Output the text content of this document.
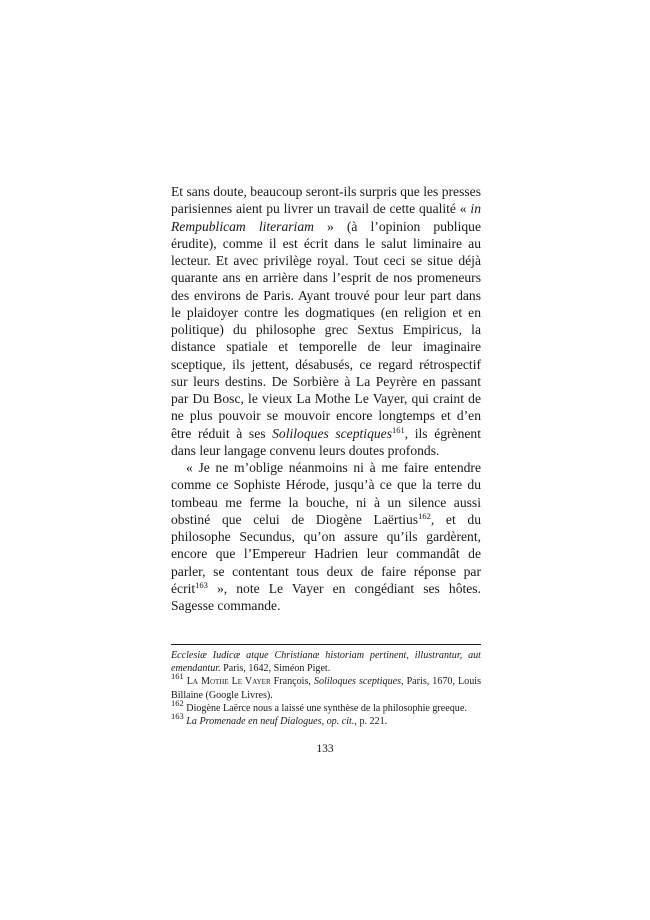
Et sans doute, beaucoup seront-ils surpris que les presses parisiennes aient pu livrer un travail de cette qualité « in Rempublicam literariam » (à l’opinion publique érudite), comme il est écrit dans le salut liminaire au lecteur. Et avec privilège royal. Tout ceci se situe déjà quarante ans en arrière dans l’esprit de nos promeneurs des environs de Paris. Ayant trouvé pour leur part dans le plaidoyer contre les dogmatiques (en religion et en politique) du philosophe grec Sextus Empiricus, la distance spatiale et temporelle de leur imaginaire sceptique, ils jettent, désabusés, ce regard rétrospectif sur leurs destins. De Sorbière à La Peyrère en passant par Du Bosc, le vieux La Mothe Le Vayer, qui craint de ne plus pouvoir se mouvoir encore longtemps et d’en être réduit à ses Soliloques sceptiques$^{161}$, ils égrènent dans leur langage convenu leurs doutes profonds.

« Je ne m’oblige néanmoins ni à me faire entendre comme ce Sophiste Hérode, jusqu’à ce que la terre du tombeau me ferme la bouche, ni à un silence aussi obstiné que celui de Diogène Laërtius$^{162}$, et du philosophe Secundus, qu’on assure qu’ils gardèrent, encore que l’Empereur Hadrien leur commandât de parler, se contentant tous deux de faire réponse par écrit$^{163}$ », note Le Vayer en congédiant ses hôtes. Sagesse commande.

Ecclesiæ Iudicæ atque Christianæ historiam pertinent, illustrantur, aut emendantur. Paris, 1642, Siméon Piget.

$^{161}$ La Mothe Le Vayer François, Soliloques sceptiques, Paris, 1670, Louis Billaine (Google Livres).

$^{162}$ Diogène Laërce nous a laissé une synthèse de la philosophie greeque.

$^{163}$ La Promenade en neuf Dialogues, op. cit., p. 221.

133
